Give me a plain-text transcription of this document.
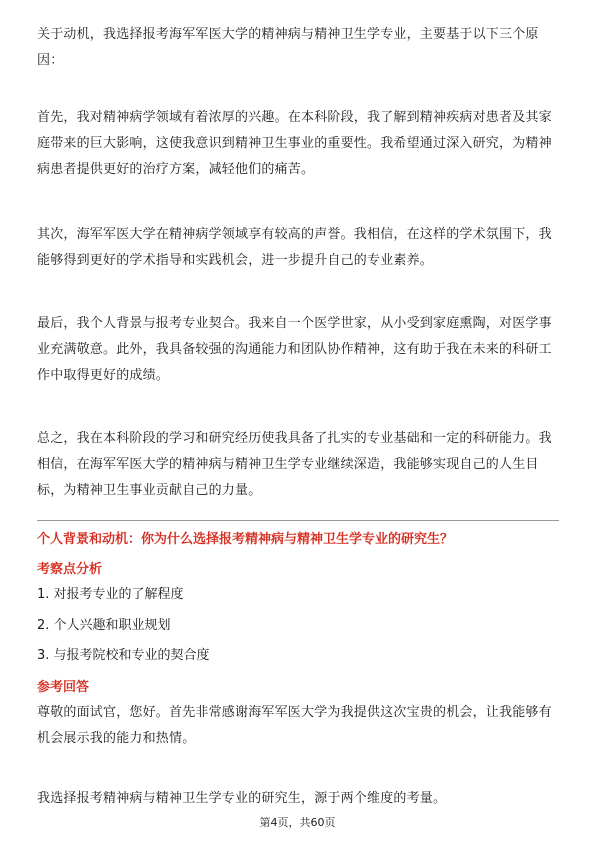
关于动机，我选择报考海军军医大学的精神病与精神卫生学专业，主要基于以下三个原因：

首先，我对精神病学领域有着浓厚的兴趣。在本科阶段，我了解到精神疾病对患者及其家庭带来的巨大影响，这使我意识到精神卫生事业的重要性。我希望通过深入研究，为精神病患者提供更好的治疗方案，减轻他们的痛苦。

其次，海军军医大学在精神病学领域享有较高的声誉。我相信，在这样的学术氛围下，我能够得到更好的学术指导和实践机会，进一步提升自己的专业素养。

最后，我个人背景与报考专业契合。我来自一个医学世家，从小受到家庭熏陶，对医学事业充满敬意。此外，我具备较强的沟通能力和团队协作精神，这有助于我在未来的科研工作中取得更好的成绩。

总之，我在本科阶段的学习和研究经历使我具备了扎实的专业基础和一定的科研能力。我相信，在海军军医大学的精神病与精神卫生学专业继续深造，我能够实现自己的人生目标，为精神卫生事业贡献自己的力量。

个人背景和动机：你为什么选择报考精神病与精神卫生学专业的研究生？

考察点分析

1. 对报考专业的了解程度

2. 个人兴趣和职业规划

3. 与报考院校和专业的契合度

参考回答

尊敬的面试官，您好。首先非常感谢海军军医大学为我提供这次宝贵的机会，让我能够有机会展示我的能力和热情。

我选择报考精神病与精神卫生学专业的研究生，源于两个维度的考量。

第4页，共60页
